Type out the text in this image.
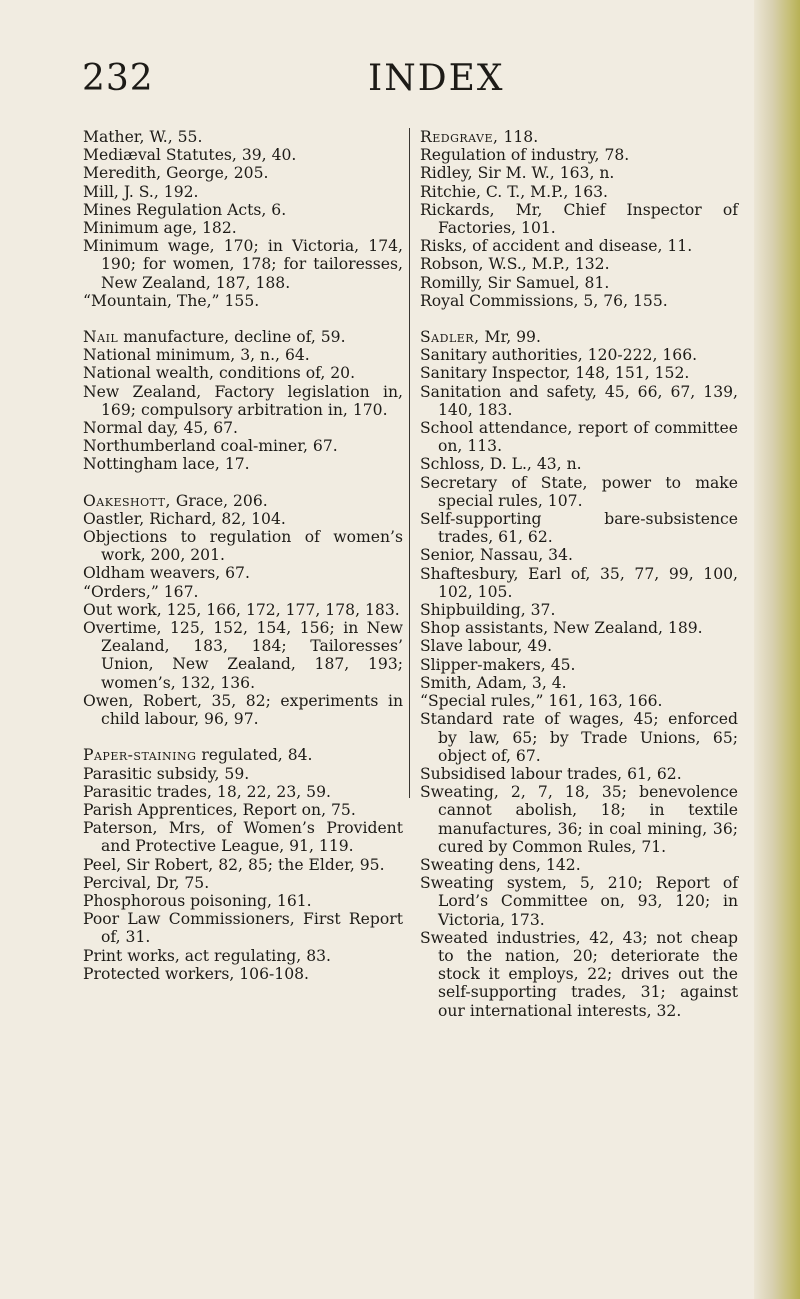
232	INDEX
Mather, W., 55.
Mediæval Statutes, 39, 40.
Meredith, George, 205.
Mill, J. S., 192.
Mines Regulation Acts, 6.
Minimum age, 182.
Minimum wage, 170; in Victoria, 174, 190; for women, 178; for tailoresses, New Zealand, 187, 188.
“Mountain, The,” 155.
Nail manufacture, decline of, 59.
National minimum, 3, n., 64.
National wealth, conditions of, 20.
New Zealand, Factory legislation in, 169; compulsory arbitration in, 170.
Normal day, 45, 67.
Northumberland coal-miner, 67.
Nottingham lace, 17.
Oakeshott, Grace, 206.
Oastler, Richard, 82, 104.
Objections to regulation of women’s work, 200, 201.
Oldham weavers, 67.
“Orders,” 167.
Out work, 125, 166, 172, 177, 178, 183.
Overtime, 125, 152, 154, 156; in New Zealand, 183, 184; Tailoresses’ Union, New Zealand, 187, 193; women’s, 132, 136.
Owen, Robert, 35, 82; experiments in child labour, 96, 97.
Paper-staining regulated, 84.
Parasitic subsidy, 59.
Parasitic trades, 18, 22, 23, 59.
Parish Apprentices, Report on, 75.
Paterson, Mrs, of Women’s Provident and Protective League, 91, 119.
Peel, Sir Robert, 82, 85; the Elder, 95.
Percival, Dr, 75.
Phosphorous poisoning, 161.
Poor Law Commissioners, First Report of, 31.
Print works, act regulating, 83.
Protected workers, 106-108.
Redgrave, 118.
Regulation of industry, 78.
Ridley, Sir M. W., 163, n.
Ritchie, C. T., M.P., 163.
Rickards, Mr, Chief Inspector of Factories, 101.
Risks, of accident and disease, 11.
Robson, W.S., M.P., 132.
Romilly, Sir Samuel, 81.
Royal Commissions, 5, 76, 155.
Sadler, Mr, 99.
Sanitary authorities, 120-222, 166.
Sanitary Inspector, 148, 151, 152.
Sanitation and safety, 45, 66, 67, 139, 140, 183.
School attendance, report of committee on, 113.
Schloss, D. L., 43, n.
Secretary of State, power to make special rules, 107.
Self-supporting bare-subsistence trades, 61, 62.
Senior, Nassau, 34.
Shaftesbury, Earl of, 35, 77, 99, 100, 102, 105.
Shipbuilding, 37.
Shop assistants, New Zealand, 189.
Slave labour, 49.
Slipper-makers, 45.
Smith, Adam, 3, 4.
“Special rules,” 161, 163, 166.
Standard rate of wages, 45; enforced by law, 65; by Trade Unions, 65; object of, 67.
Subsidised labour trades, 61, 62.
Sweating, 2, 7, 18, 35; benevolence cannot abolish, 18; in textile manufactures, 36; in coal mining, 36; cured by Common Rules, 71.
Sweating dens, 142.
Sweating system, 5, 210; Report of Lord’s Committee on, 93, 120; in Victoria, 173.
Sweated industries, 42, 43; not cheap to the nation, 20; deteriorate the stock it employs, 22; drives out the self-supporting trades, 31; against our international interests, 32.
